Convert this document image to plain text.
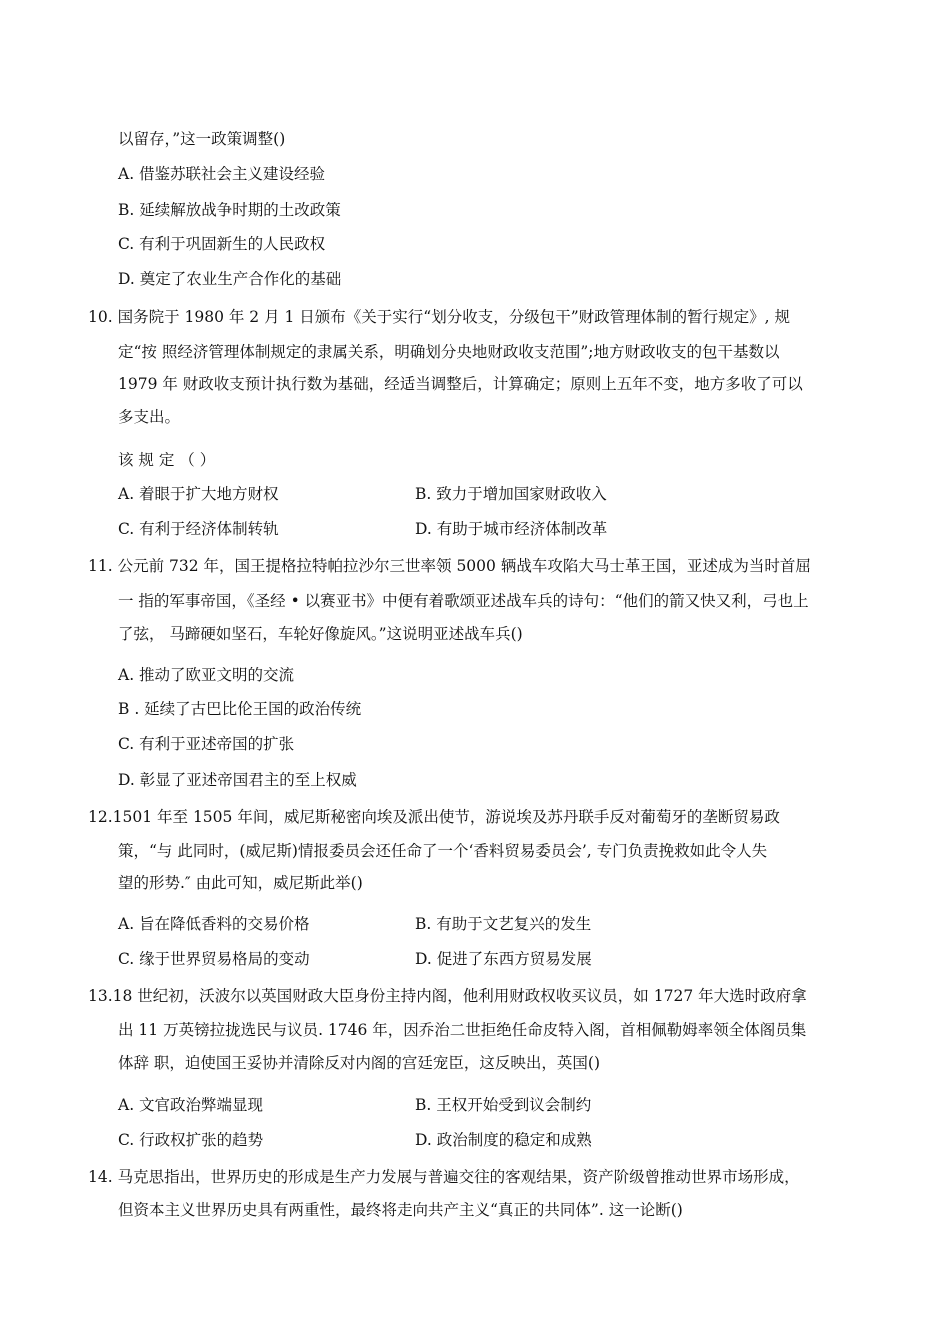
以留存，”这一政策调整()
A. 借鉴苏联社会主义建设经验
B. 延续解放战争时期的土改政策
C. 有利于巩固新生的人民政权
D. 奠定了农业生产合作化的基础
10. 国务院于 1980 年 2 月 1 日颁布《关于实行“划分收支，分级包干”财政管理体制的暂行规定》, 规
定“按 照经济管理体制规定的隶属关系，明确划分央地财政收支范围”;地方财政收支的包干基数以
1979 年 财政收支预计执行数为基础，经适当调整后，计算确定；原则上五年不变，地方多收了可以
多支出。
该 规 定 （ ）
A. 着眼于扩大地方财权	B. 致力于增加国家财政收入
C. 有利于经济体制转轨	D. 有助于城市经济体制改革
11. 公元前 732 年，国王提格拉特帕拉沙尔三世率领 5000 辆战车攻陷大马士革王国，亚述成为当时首屈
一 指的军事帝国，《圣经 • 以赛亚书》中便有着歌颂亚述战车兵的诗句：“他们的箭又快又利，弓也上
了弦， 马蹄硬如坚石，车轮好像旋风。”这说明亚述战车兵()
A. 推动了欧亚文明的交流
B . 延续了古巴比伦王国的政治传统
C. 有利于亚述帝国的扩张
D. 彰显了亚述帝国君主的至上权威
12.1501 年至 1505 年间，威尼斯秘密向埃及派出使节，游说埃及苏丹联手反对葡萄牙的垄断贸易政
策，“与 此同时，(威尼斯)情报委员会还任命了一个‘香料贸易委员会’, 专门负责挽救如此令人失
望的形势.″ 由此可知，威尼斯此举()
A. 旨在降低香料的交易价格	B. 有助于文艺复兴的发生
C. 缘于世界贸易格局的变动	D. 促进了东西方贸易发展
13.18 世纪初，沃波尔以英国财政大臣身份主持内阁，他利用财政权收买议员，如 1727 年大选时政府拿
出 11 万英镑拉拢选民与议员. 1746 年，因乔治二世拒绝任命皮特入阁，首相佩勒姆率领全体阁员集
体辞 职，迫使国王妥协并清除反对内阁的宫廷宠臣，这反映出，英国()
A. 文官政治弊端显现	B. 王权开始受到议会制约
C. 行政权扩张的趋势	D. 政治制度的稳定和成熟
14. 马克思指出，世界历史的形成是生产力发展与普遍交往的客观结果，资产阶级曾推动世界市场形成，
但资本主义世界历史具有两重性，最终将走向共产主义“真正的共同体”. 这一论断()
